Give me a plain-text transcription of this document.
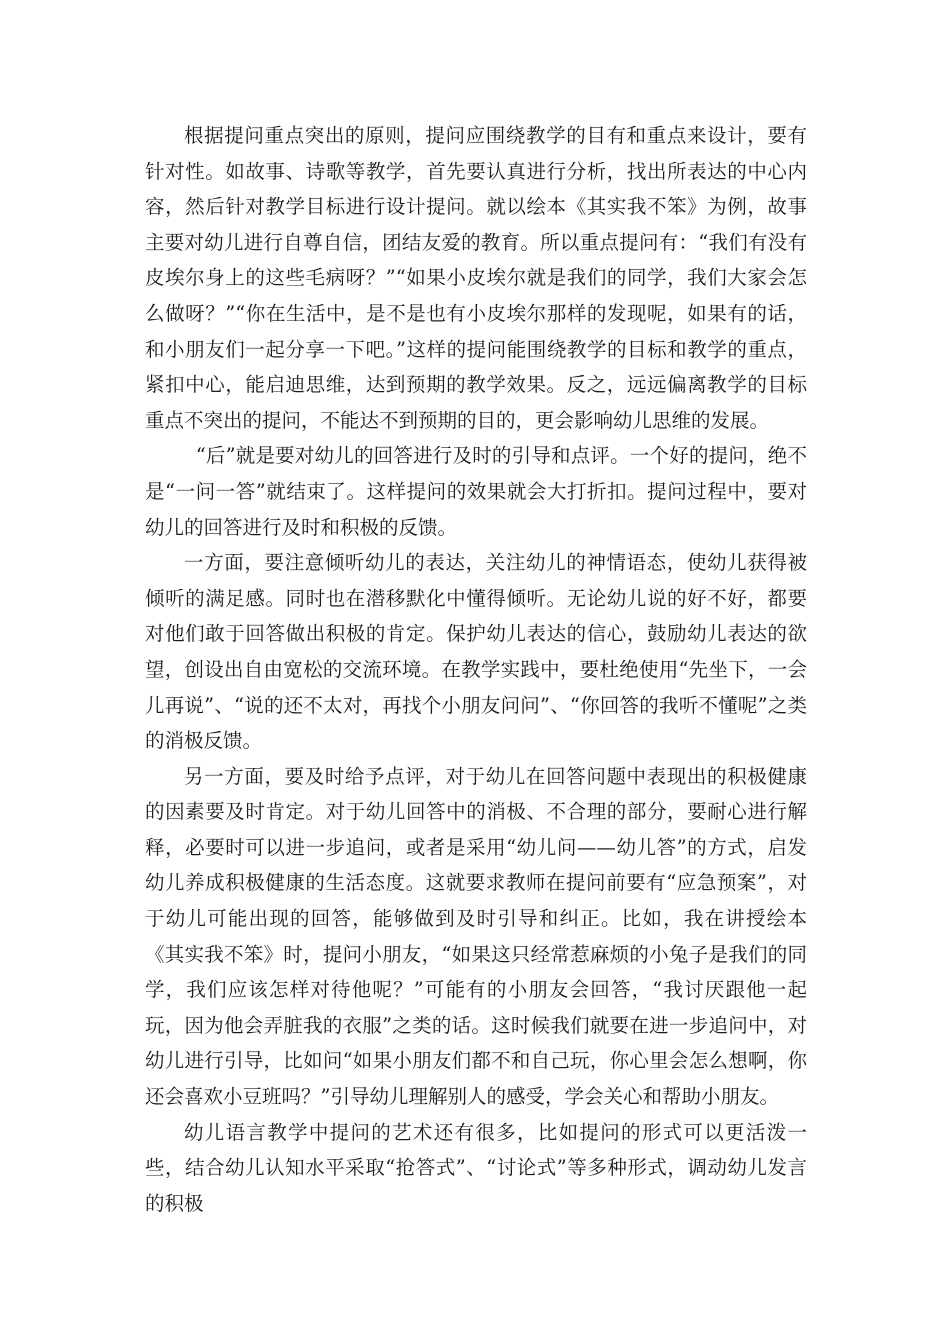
根据提问重点突出的原则，提问应围绕教学的目有和重点来设计，要有针对性。如故事、诗歌等教学，首先要认真进行分析，找出所表达的中心内容，然后针对教学目标进行设计提问。就以绘本《其实我不笨》为例，故事主要对幼儿进行自尊自信，团结友爱的教育。所以重点提问有：“我们有没有皮埃尔身上的这些毛病呀？”“如果小皮埃尔就是我们的同学，我们大家会怎么做呀？”“你在生活中，是不是也有小皮埃尔那样的发现呢，如果有的话，和小朋友们一起分享一下吧。”这样的提问能围绕教学的目标和教学的重点，紧扣中心，能启迪思维，达到预期的教学效果。反之，远远偏离教学的目标重点不突出的提问，不能达不到预期的目的，更会影响幼儿思维的发展。

“后”就是要对幼儿的回答进行及时的引导和点评。一个好的提问，绝不是“一问一答”就结束了。这样提问的效果就会大打折扣。提问过程中，要对幼儿的回答进行及时和积极的反馈。

一方面，要注意倾听幼儿的表达，关注幼儿的神情语态，使幼儿获得被倾听的满足感。同时也在潜移默化中懂得倾听。无论幼儿说的好不好，都要对他们敢于回答做出积极的肯定。保护幼儿表达的信心，鼓励幼儿表达的欲望，创设出自由宽松的交流环境。在教学实践中，要杜绝使用“先坐下，一会儿再说”、“说的还不太对，再找个小朋友问问”、“你回答的我听不懂呢”之类的消极反馈。

另一方面，要及时给予点评，对于幼儿在回答问题中表现出的积极健康的因素要及时肯定。对于幼儿回答中的消极、不合理的部分，要耐心进行解释，必要时可以进一步追问，或者是采用“幼儿问——幼儿答”的方式，启发幼儿养成积极健康的生活态度。这就要求教师在提问前要有“应急预案”，对于幼儿可能出现的回答，能够做到及时引导和纠正。比如，我在讲授绘本《其实我不笨》时，提问小朋友，“如果这只经常惹麻烦的小兔子是我们的同学，我们应该怎样对待他呢？”可能有的小朋友会回答，“我讨厌跟他一起玩，因为他会弄脏我的衣服”之类的话。这时候我们就要在进一步追问中，对幼儿进行引导，比如问“如果小朋友们都不和自己玩，你心里会怎么想啊，你还会喜欢小豆班吗？”引导幼儿理解别人的感受，学会关心和帮助小朋友。

幼儿语言教学中提问的艺术还有很多，比如提问的形式可以更活泼一些，结合幼儿认知水平采取“抢答式”、“讨论式”等多种形式，调动幼儿发言的积极
